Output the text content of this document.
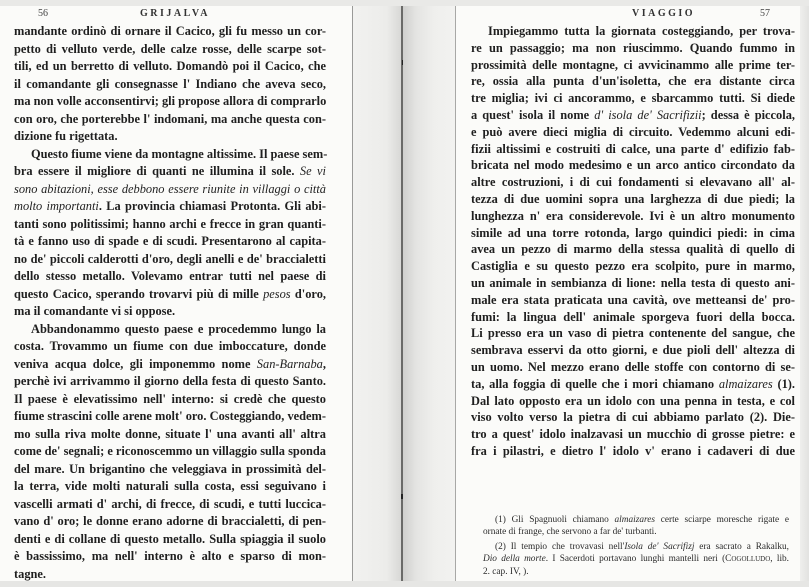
56	GRIJALVA
mandante ordinò di ornare il Cacico, gli fu messo un cor-
petto di velluto verde, delle calze rosse, delle scarpe sot-
tili, ed un berretto di velluto. Domandò poi il Cacico, che
il comandante gli consegnasse l' Indiano che aveva seco,
ma non volle acconsentirvi; gli propose allora di comprarlo
con oro, che porterebbe l' indomani, ma anche questa con-
dizione fu rigettata.
Questo fiume viene da montagne altissime. Il paese sem-
bra essere il migliore di quanti ne illumina il sole. Se vi
sono abitazioni, esse debbono essere riunite in villaggi o città
molto importanti. La provincia chiamasi Protonta. Gli abi-
tanti sono politissimi; hanno archi e frecce in gran quanti-
tà e fanno uso di spade e di scudi. Presentarono al capita-
no de' piccoli calderotti d'oro, degli anelli e de' braccialetti
dello stesso metallo. Volevamo entrar tutti nel paese di
questo Cacico, sperando trovarvi più di mille pesos d'oro,
ma il comandante vi si oppose.
Abbandonammo questo paese e procedemmo lungo la
costa. Trovammo un fiume con due imboccature, donde
veniva acqua dolce, gli imponemmo nome San-Barnaba,
perchè ivi arrivammo il giorno della festa di questo Santo.
Il paese è elevatissimo nell' interno: si credè che questo
fiume strascini colle arene molt' oro. Costeggiando, vedem-
mo sulla riva molte donne, situate l' una avanti all' altra
come de' segnali; e riconoscemmo un villaggio sulla sponda
del mare. Un brigantino che veleggiava in prossimità del-
la terra, vide molti naturali sulla costa, essi seguivano i
vascelli armati d' archi, di frecce, di scudi, e tutti luccica-
vano d' oro; le donne erano adorne di braccialetti, di pen-
denti e di collane di questo metallo. Sulla spiaggia il suolo
è bassissimo, ma nell' interno è alto e sparso di mon-
tagne.
VIAGGIO	57
Impiegammo tutta la giornata costeggiando, per trova-
re un passaggio; ma non riuscimmo. Quando fummo in
prossimità delle montagne, ci avvicinammo alle prime ter-
re, ossia alla punta d'un'isoletta, che era distante circa
tre miglia; ivi ci ancorammo, e sbarcammo tutti. Si diede
a quest' isola il nome d' isola de' Sacrifizii; dessa è piccola,
e può avere dieci miglia di circuito. Vedemmo alcuni edi-
fizii altissimi e costruiti di calce, una parte d' edifizio fab-
bricata nel modo medesimo e un arco antico circondato da
altre costruzioni, i di cui fondamenti si elevavano all' al-
tezza di due uomini sopra una larghezza di due piedi; la
lunghezza n' era considerevole. Ivi è un altro monumento
simile ad una torre rotonda, largo quindici piedi: in cima
avea un pezzo di marmo della stessa qualità di quello di
Castiglia e su questo pezzo era scolpito, pure in marmo,
un animale in sembianza di lione: nella testa di questo ani-
male era stata praticata una cavità, ove metteansi de' pro-
fumi: la lingua dell' animale sporgeva fuori della bocca.
Li presso era un vaso di pietra contenente del sangue, che
sembrava esservi da otto giorni, e due pioli dell' altezza di
un uomo. Nel mezzo erano delle stoffe con contorno di se-
ta, alla foggia di quelle che i mori chiamano almaizares (1).
Dal lato opposto era un idolo con una penna in testa, e col
viso volto verso la pietra di cui abbiamo parlato (2). Die-
tro a quest' idolo inalzavasi un mucchio di grosse pietre: e
fra i pilastri, e dietro l' idolo v' erano i cadaveri di due
(1) Gli Spagnuoli chiamano almaizares certe sciarpe moresche rigate e
ornate di frange, che servono a far de' turbanti.
(2) Il tempio che trovavasi nell'Isola de' Sacrifizj era sacrato a Rakalku,
Dio della morte. I Sacerdoti portavano lunghi mantelli neri (Cogolludo, lib.
2. cap. IV, ).
